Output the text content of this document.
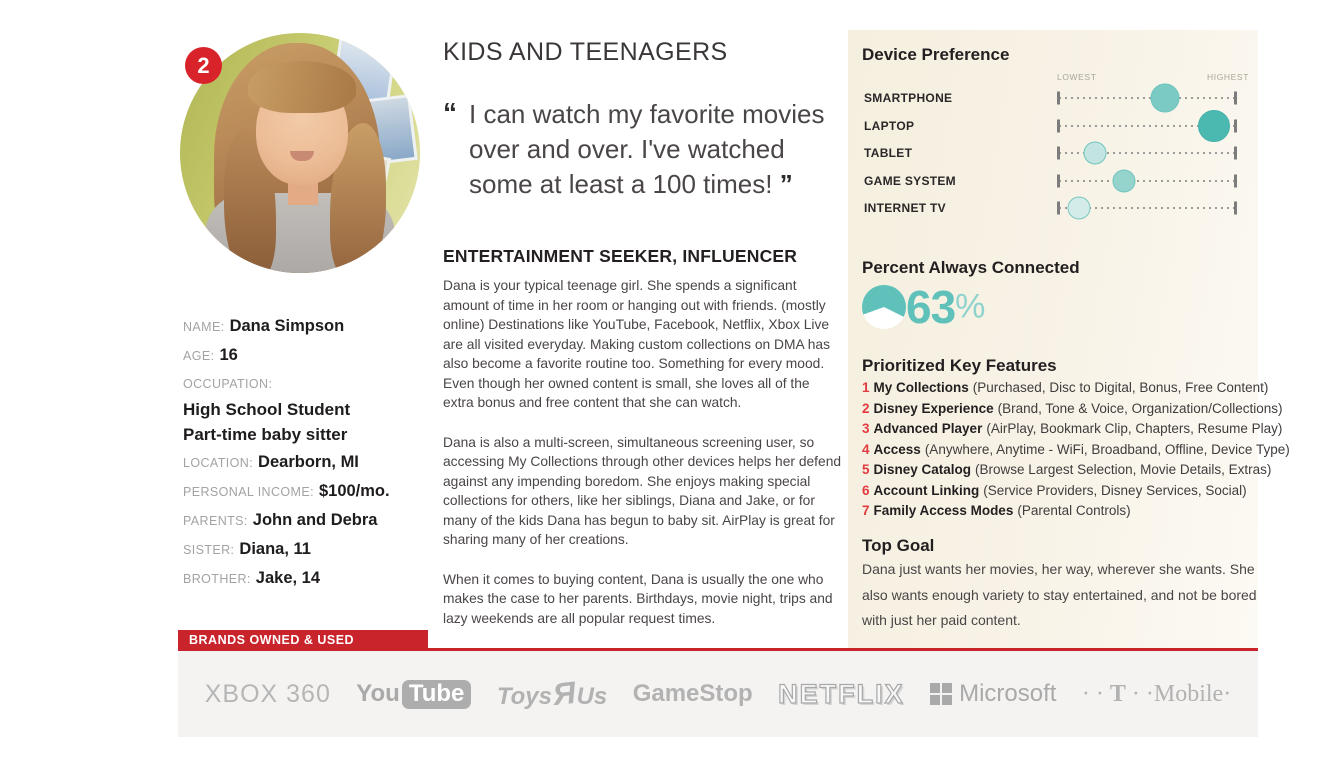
2
NAME: Dana Simpson
AGE: 16
OCCUPATION:
High School Student
Part-time baby sitter
LOCATION: Dearborn, MI
PERSONAL INCOME: $100/mo.
PARENTS: John and Debra
SISTER: Diana, 11
BROTHER: Jake, 14
KIDS AND TEENAGERS
“ I can watch my favorite movies over and over. I've watched some at least a 100 times! ”
ENTERTAINMENT SEEKER, INFLUENCER
Dana is your typical teenage girl. She spends a significant amount of time in her room or hanging out with friends. (mostly online) Destinations like YouTube, Facebook, Netflix, Xbox Live are all visited everyday. Making custom collections on DMA has also become a favorite routine too. Something for every mood. Even though her owned content is small, she loves all of the extra bonus and free content that she can watch.
Dana is also a multi-screen, simultaneous screening user, so accessing My Collections through other devices helps her defend against any impending boredom. She enjoys making special collections for others, like her siblings, Diana and Jake, or for many of the kids Dana has begun to baby sit. AirPlay is great for sharing many of her creations.
When it comes to buying content, Dana is usually the one who makes the case to her parents. Birthdays, movie night, trips and lazy weekends are all popular request times.
Device Preference
LOWEST	HIGHEST
SMARTPHONE
LAPTOP
TABLET
GAME SYSTEM
INTERNET TV
Percent Always Connected
63%
Prioritized Key Features
1 My Collections (Purchased, Disc to Digital, Bonus, Free Content)
2 Disney Experience (Brand, Tone & Voice, Organization/Collections)
3 Advanced Player (AirPlay, Bookmark Clip, Chapters, Resume Play)
4 Access (Anywhere, Anytime - WiFi, Broadband, Offline, Device Type)
5 Disney Catalog (Browse Largest Selection, Movie Details, Extras)
6 Account Linking (Service Providers, Disney Services, Social)
7 Family Access Modes (Parental Controls)
Top Goal
Dana just wants her movies, her way, wherever she wants. She also wants enough variety to stay entertained, and not be bored with just her paid content.
BRANDS OWNED & USED
XBOX 360 You Tube ToysЯUs GameStop NETFLIX Microsoft · · T · ·Mobile·
